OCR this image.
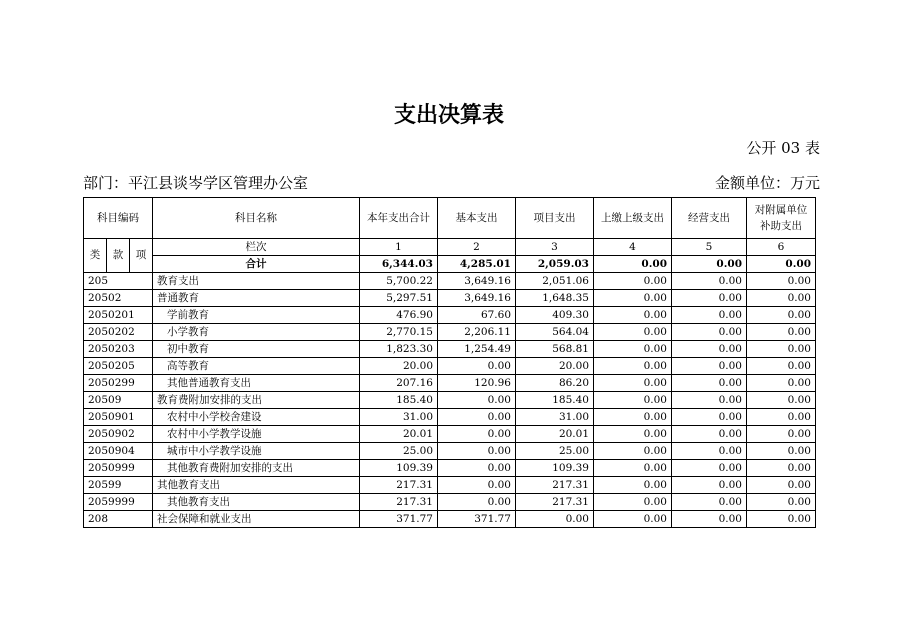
支出决算表
公开 03 表
部门：平江县谈岑学区管理办公室	金额单位：万元
科目编码			科目名称	本年支出合计	基本支出	项目支出	上缴上级支出	经营支出	对附属单位补助支出
类	款	项	栏次	1	2	3	4	5	6
			合计	6,344.03	4,285.01	2,059.03	0.00	0.00	0.00
205			教育支出	5,700.22	3,649.16	2,051.06	0.00	0.00	0.00
20502			普通教育	5,297.51	3,649.16	1,648.35	0.00	0.00	0.00
2050201			学前教育	476.90	67.60	409.30	0.00	0.00	0.00
2050202			小学教育	2,770.15	2,206.11	564.04	0.00	0.00	0.00
2050203			初中教育	1,823.30	1,254.49	568.81	0.00	0.00	0.00
2050205			高等教育	20.00	0.00	20.00	0.00	0.00	0.00
2050299			其他普通教育支出	207.16	120.96	86.20	0.00	0.00	0.00
20509			教育费附加安排的支出	185.40	0.00	185.40	0.00	0.00	0.00
2050901			农村中小学校舍建设	31.00	0.00	31.00	0.00	0.00	0.00
2050902			农村中小学教学设施	20.01	0.00	20.01	0.00	0.00	0.00
2050904			城市中小学教学设施	25.00	0.00	25.00	0.00	0.00	0.00
2050999			其他教育费附加安排的支出	109.39	0.00	109.39	0.00	0.00	0.00
20599			其他教育支出	217.31	0.00	217.31	0.00	0.00	0.00
2059999			其他教育支出	217.31	0.00	217.31	0.00	0.00	0.00
208			社会保障和就业支出	371.77	371.77	0.00	0.00	0.00	0.00
